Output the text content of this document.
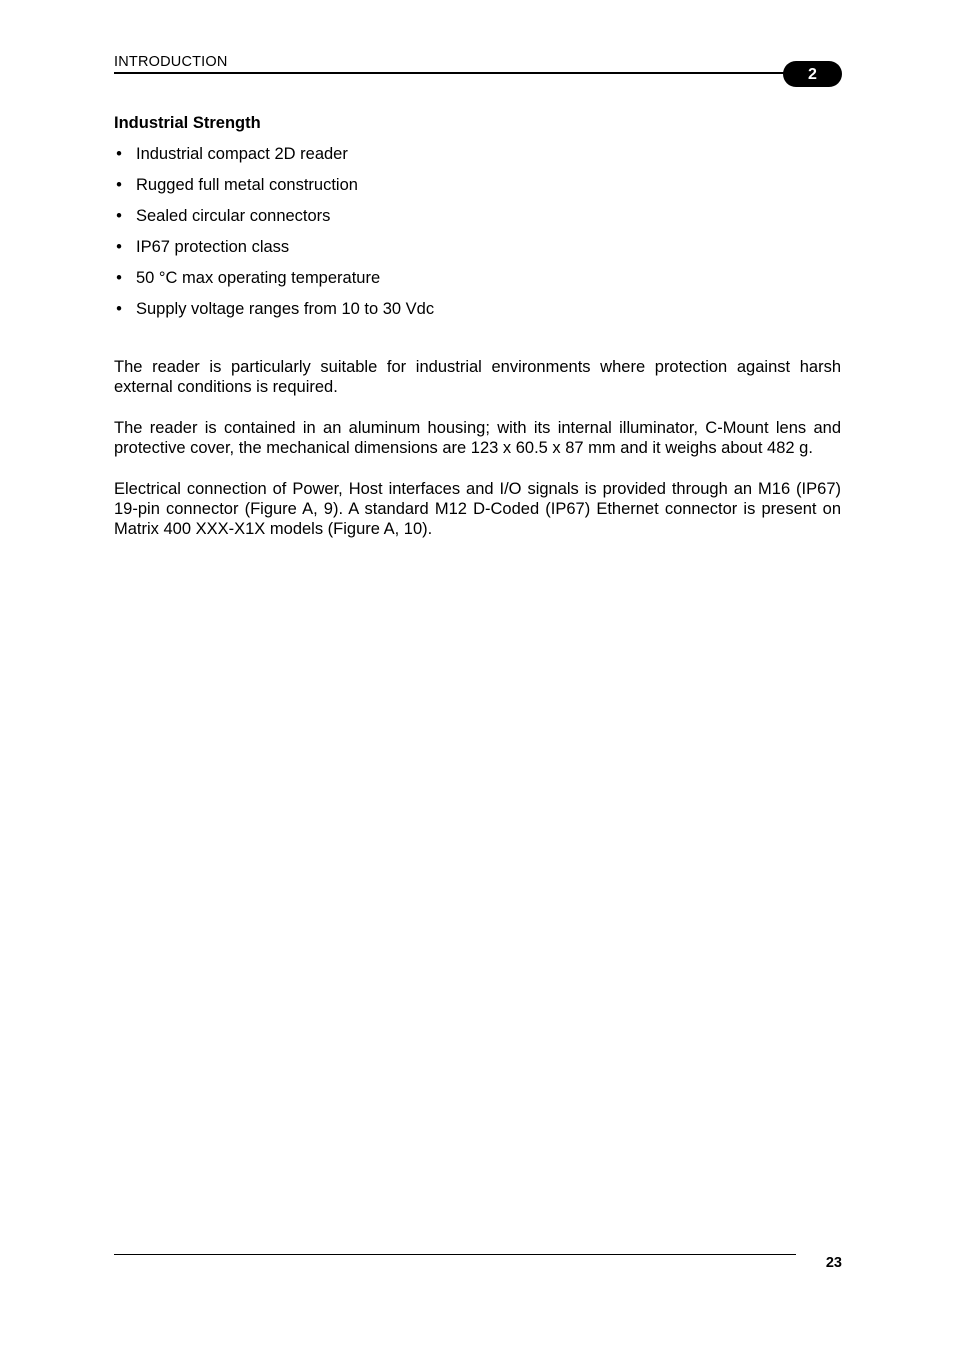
INTRODUCTION
2
Industrial Strength
• Industrial compact 2D reader
• Rugged full metal construction
• Sealed circular connectors
• IP67 protection class
• 50 °C max operating temperature
• Supply voltage ranges from 10 to 30 Vdc

The reader is particularly suitable for industrial environments where protection against harsh external conditions is required.

The reader is contained in an aluminum housing; with its internal illuminator, C-Mount lens and protective cover, the mechanical dimensions are 123 x 60.5 x 87 mm and it weighs about 482 g.

Electrical connection of Power, Host interfaces and I/O signals is provided through an M16 (IP67) 19-pin connector (Figure A, 9). A standard M12 D-Coded (IP67) Ethernet connector is present on Matrix 400 XXX-X1X models (Figure A, 10).

23
